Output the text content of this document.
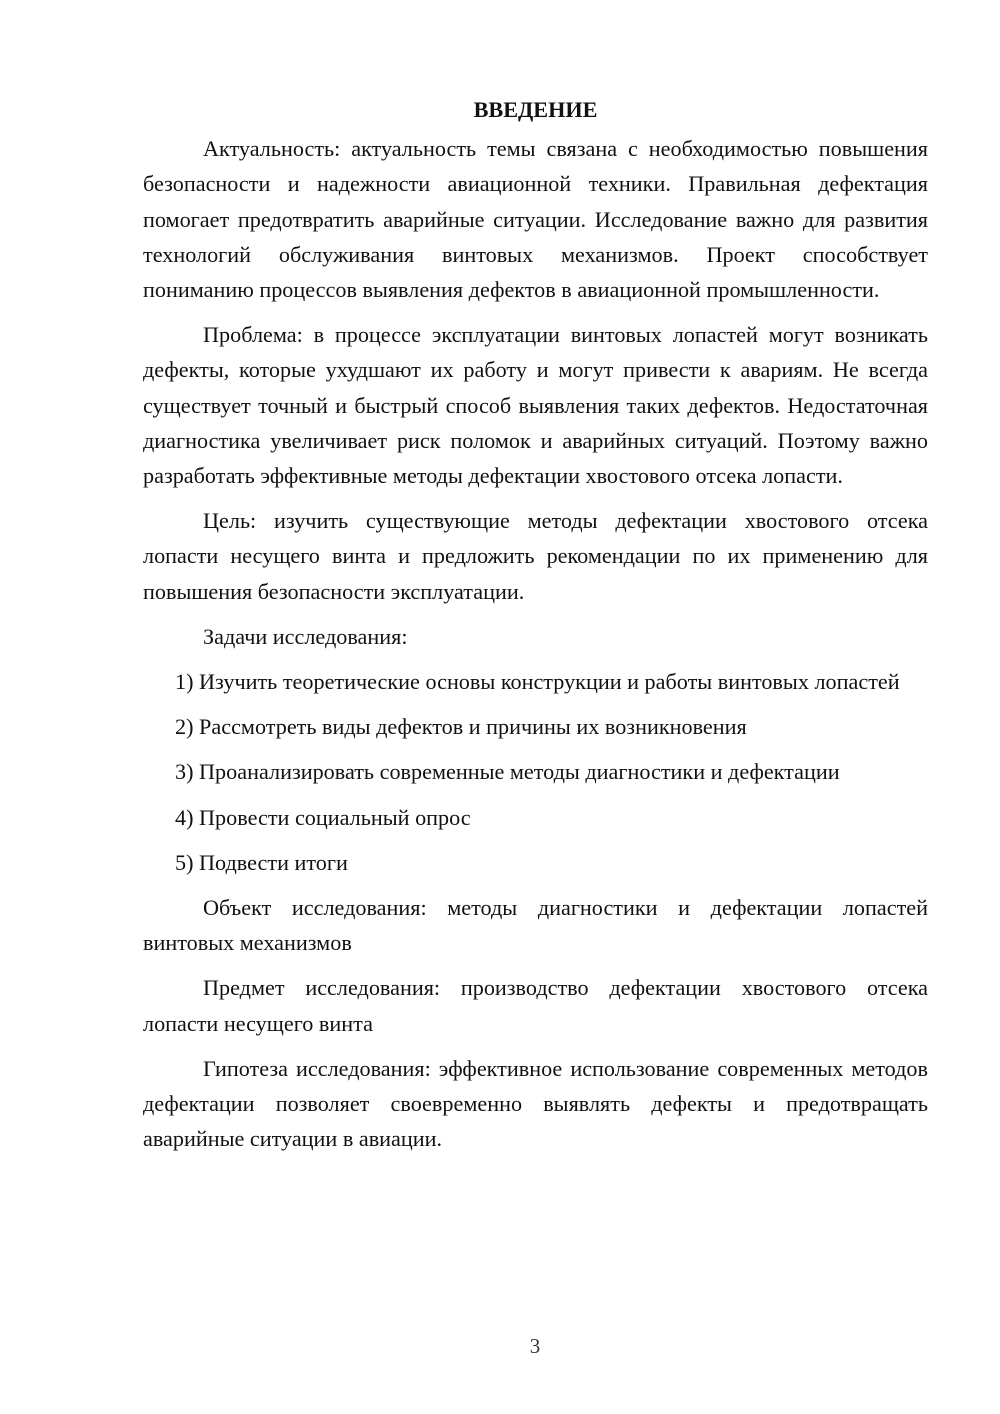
ВВЕДЕНИЕ

Актуальность: актуальность темы связана с необходимостью повышения безопасности и надежности авиационной техники. Правильная дефектация помогает предотвратить аварийные ситуации. Исследование важно для развития технологий обслуживания винтовых механизмов. Проект способствует пониманию процессов выявления дефектов в авиационной промышленности.

Проблема: в процессе эксплуатации винтовых лопастей могут возникать дефекты, которые ухудшают их работу и могут привести к авариям. Не всегда существует точный и быстрый способ выявления таких дефектов. Недостаточная диагностика увеличивает риск поломок и аварийных ситуаций. Поэтому важно разработать эффективные методы дефектации хвостового отсека лопасти.

Цель: изучить существующие методы дефектации хвостового отсека лопасти несущего винта и предложить рекомендации по их применению для повышения безопасности эксплуатации.

Задачи исследования:

1) Изучить теоретические основы конструкции и работы винтовых лопастей

2) Рассмотреть виды дефектов и причины их возникновения

3) Проанализировать современные методы диагностики и дефектации

4) Провести социальный опрос

5) Подвести итоги

Объект исследования: методы диагностики и дефектации лопастей винтовых механизмов

Предмет исследования: производство дефектации хвостового отсека лопасти несущего винта

Гипотеза исследования: эффективное использование современных методов дефектации позволяет своевременно выявлять дефекты и предотвращать аварийные ситуации в авиации.

3
